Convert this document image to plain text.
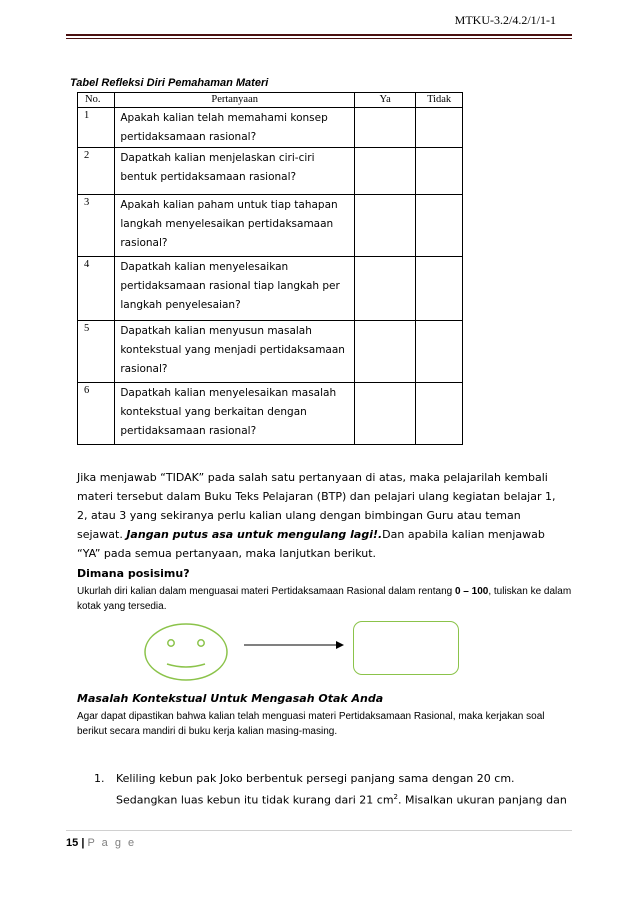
MTKU-3.2/4.2/1/1-1
Tabel Refleksi Diri Pemahaman Materi
No.	Pertanyaan	Ya	Tidak
1	Apakah kalian telah memahami konsep pertidaksamaan rasional?		
2	Dapatkah kalian menjelaskan ciri-ciri bentuk pertidaksamaan rasional?		
3	Apakah kalian paham untuk tiap tahapan langkah menyelesaikan pertidaksamaan rasional?		
4	Dapatkah kalian menyelesaikan pertidaksamaan rasional tiap langkah per langkah penyelesaian?		
5	Dapatkah kalian menyusun masalah kontekstual yang menjadi pertidaksamaan rasional?		
6	Dapatkah kalian menyelesaikan masalah kontekstual yang berkaitan dengan pertidaksamaan rasional?		
Jika menjawab “TIDAK” pada salah satu pertanyaan di atas, maka pelajarilah kembali materi tersebut dalam Buku Teks Pelajaran (BTP) dan pelajari ulang kegiatan belajar 1, 2, atau 3 yang sekiranya perlu kalian ulang dengan bimbingan Guru atau teman sejawat. Jangan putus asa untuk mengulang lagi!.Dan apabila kalian menjawab “YA” pada semua pertanyaan, maka lanjutkan berikut.
Dimana posisimu?
Ukurlah diri kalian dalam menguasai materi Pertidaksamaan Rasional dalam rentang 0 – 100, tuliskan ke dalam kotak yang tersedia.
Masalah Kontekstual Untuk Mengasah Otak Anda
Agar dapat dipastikan bahwa kalian telah menguasi materi Pertidaksamaan Rasional, maka kerjakan soal berikut secara mandiri di buku kerja kalian masing-masing.
1.	Keliling kebun pak Joko berbentuk persegi panjang sama dengan 20 cm. Sedangkan luas kebun itu tidak kurang dari 21 $cm^2$. Misalkan ukuran panjang dan
15 | P a g e
